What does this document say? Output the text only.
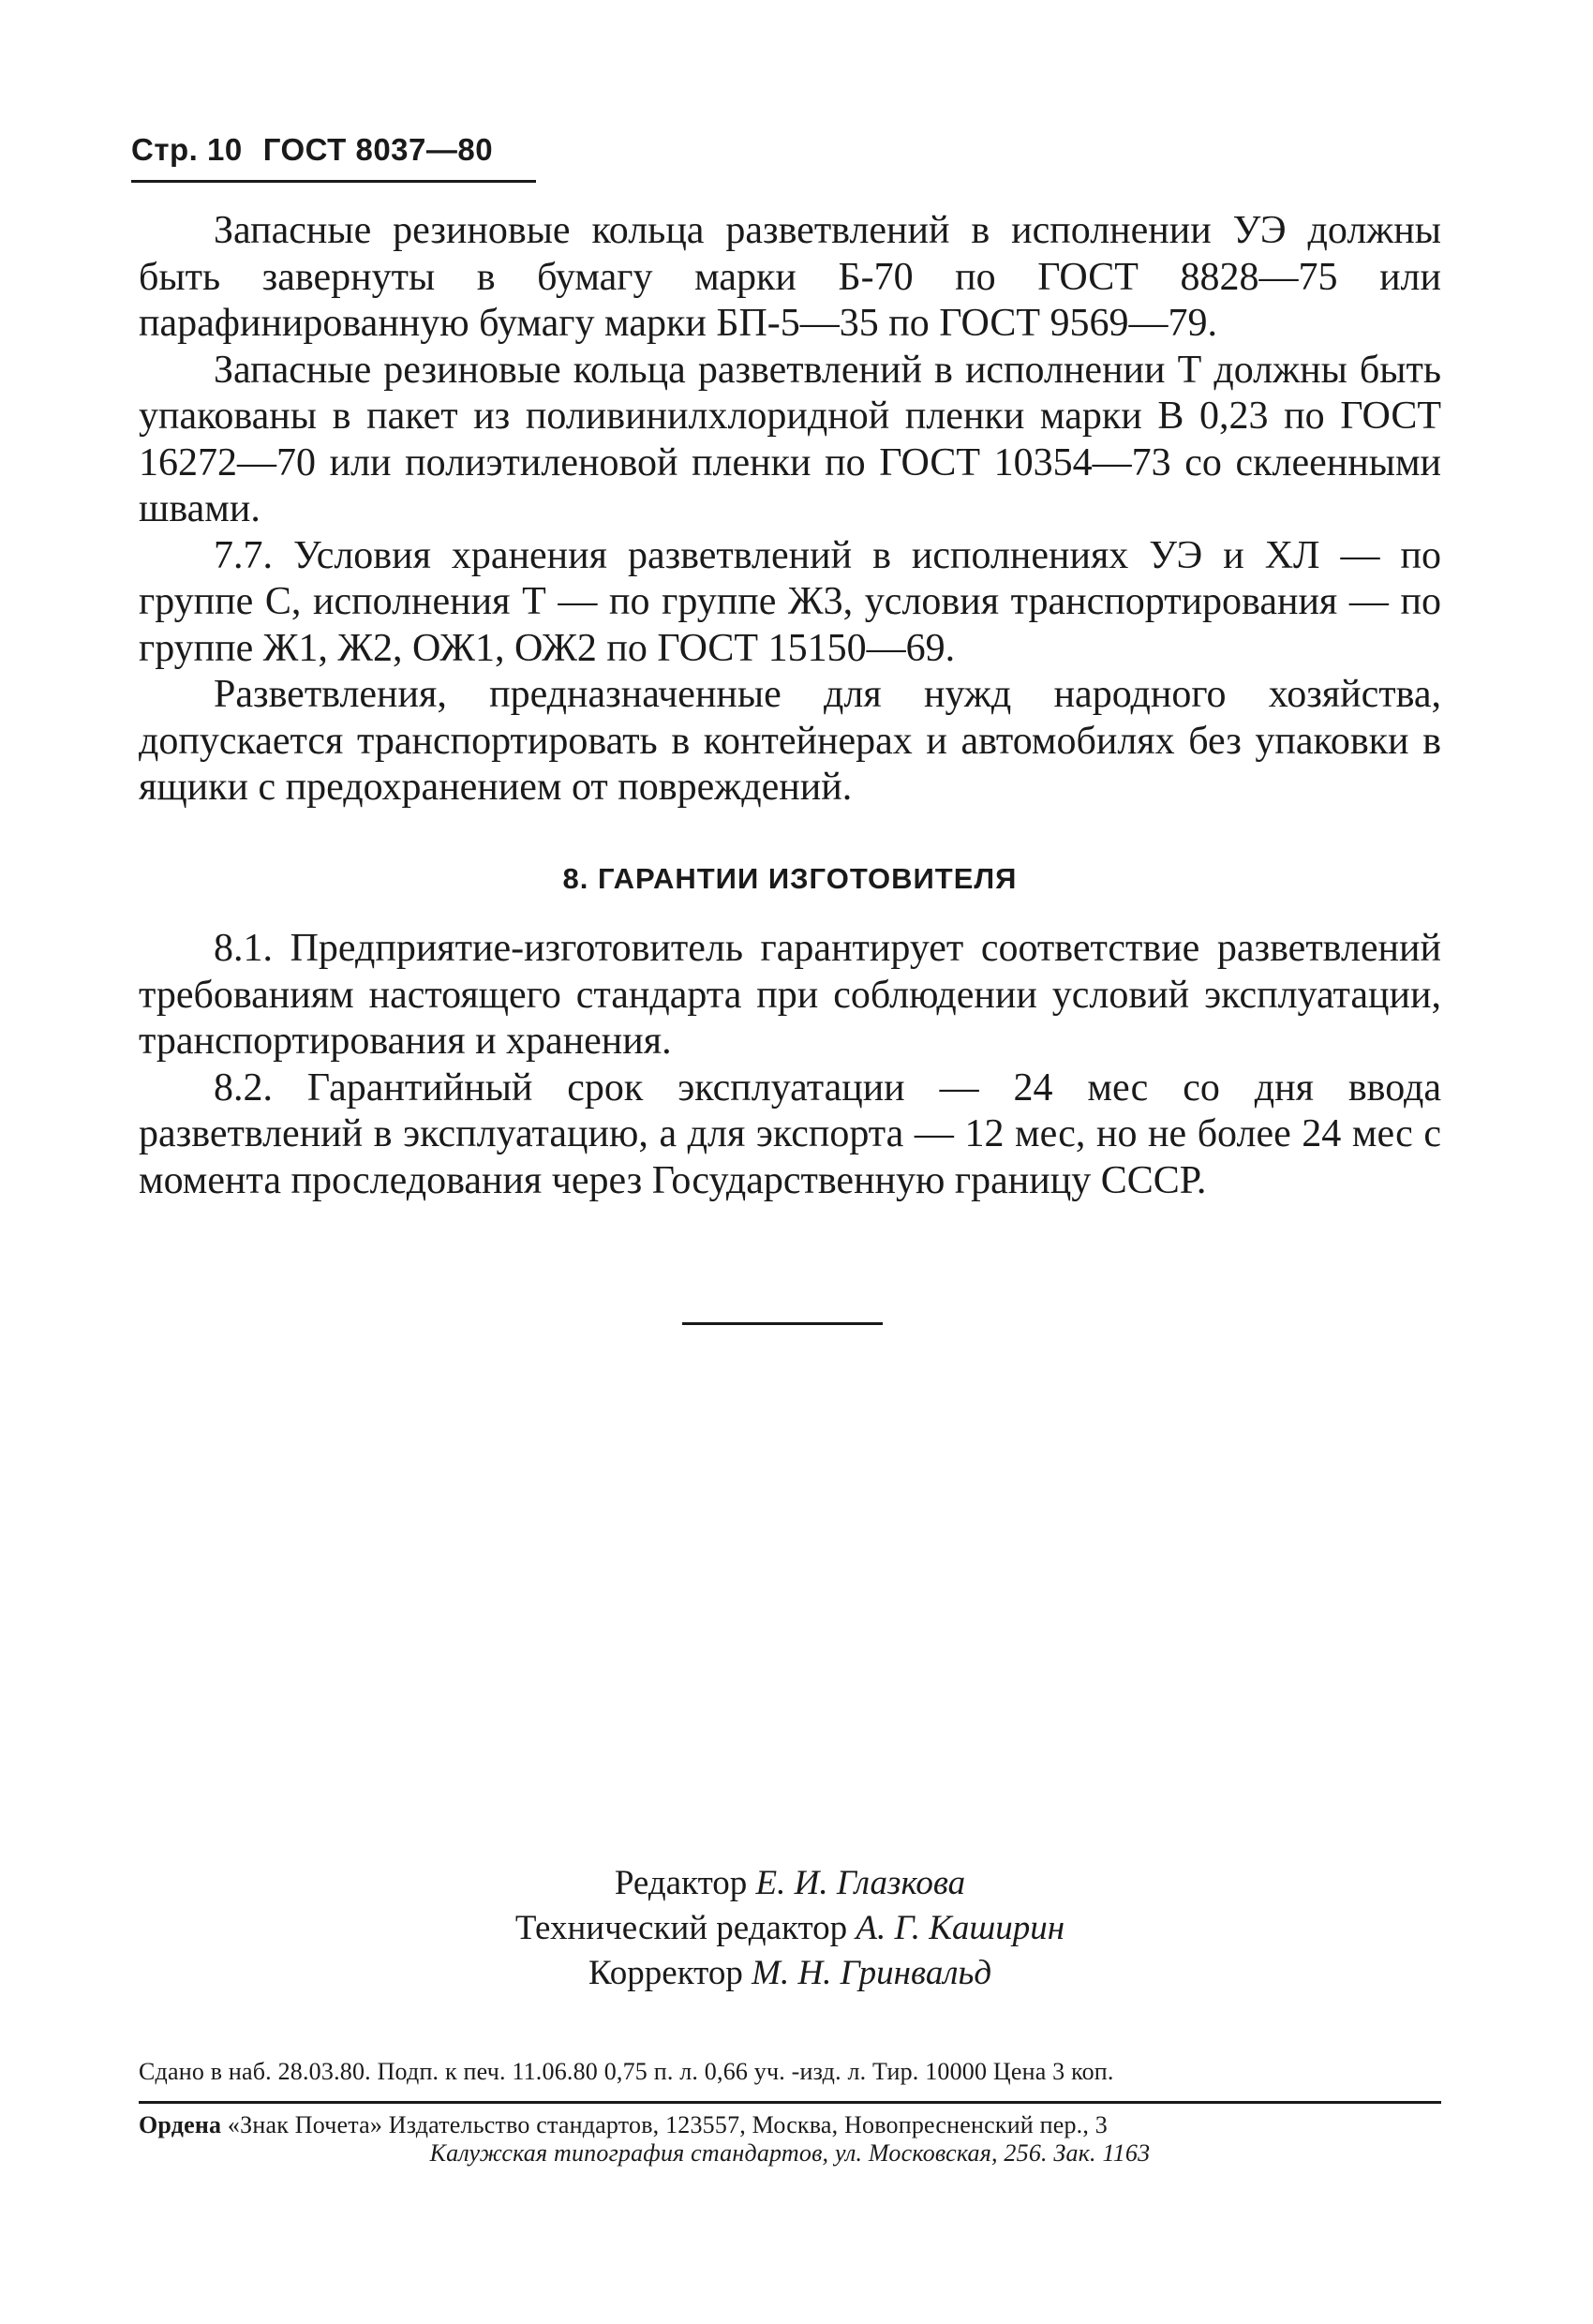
Стр. 10 ГОСТ 8037—80

Запасные резиновые кольца разветвлений в исполнении УЭ должны быть завернуты в бумагу марки Б-70 по ГОСТ 8828—75 или парафинированную бумагу марки БП-5—35 по ГОСТ 9569—79.

Запасные резиновые кольца разветвлений в исполнении Т должны быть упакованы в пакет из поливинилхлоридной пленки марки В 0,23 по ГОСТ 16272—70 или полиэтиленовой пленки по ГОСТ 10354—73 со склеенными швами.

7.7. Условия хранения разветвлений в исполнениях УЭ и ХЛ — по группе С, исполнения Т — по группе Ж3, условия транспортирования — по группе Ж1, Ж2, ОЖ1, ОЖ2 по ГОСТ 15150—69.

Разветвления, предназначенные для нужд народного хозяйства, допускается транспортировать в контейнерах и автомобилях без упаковки в ящики с предохранением от повреждений.

8. ГАРАНТИИ ИЗГОТОВИТЕЛЯ

8.1. Предприятие-изготовитель гарантирует соответствие разветвлений требованиям настоящего стандарта при соблюдении условий эксплуатации, транспортирования и хранения.

8.2. Гарантийный срок эксплуатации — 24 мес со дня ввода разветвлений в эксплуатацию, а для экспорта — 12 мес, но не более 24 мес с момента проследования через Государственную границу СССР.

Редактор Е. И. Глазкова
Технический редактор А. Г. Каширин
Корректор М. Н. Гринвальд
Сдано в наб. 28.03.80. Подп. к печ. 11.06.80 0,75 п. л. 0,66 уч. -изд. л. Тир. 10000 Цена 3 коп.
Ордена «Знак Почета» Издательство стандартов, 123557, Москва, Новопресненский пер., 3
Калужская типография стандартов, ул. Московская, 256. Зак. 1163
